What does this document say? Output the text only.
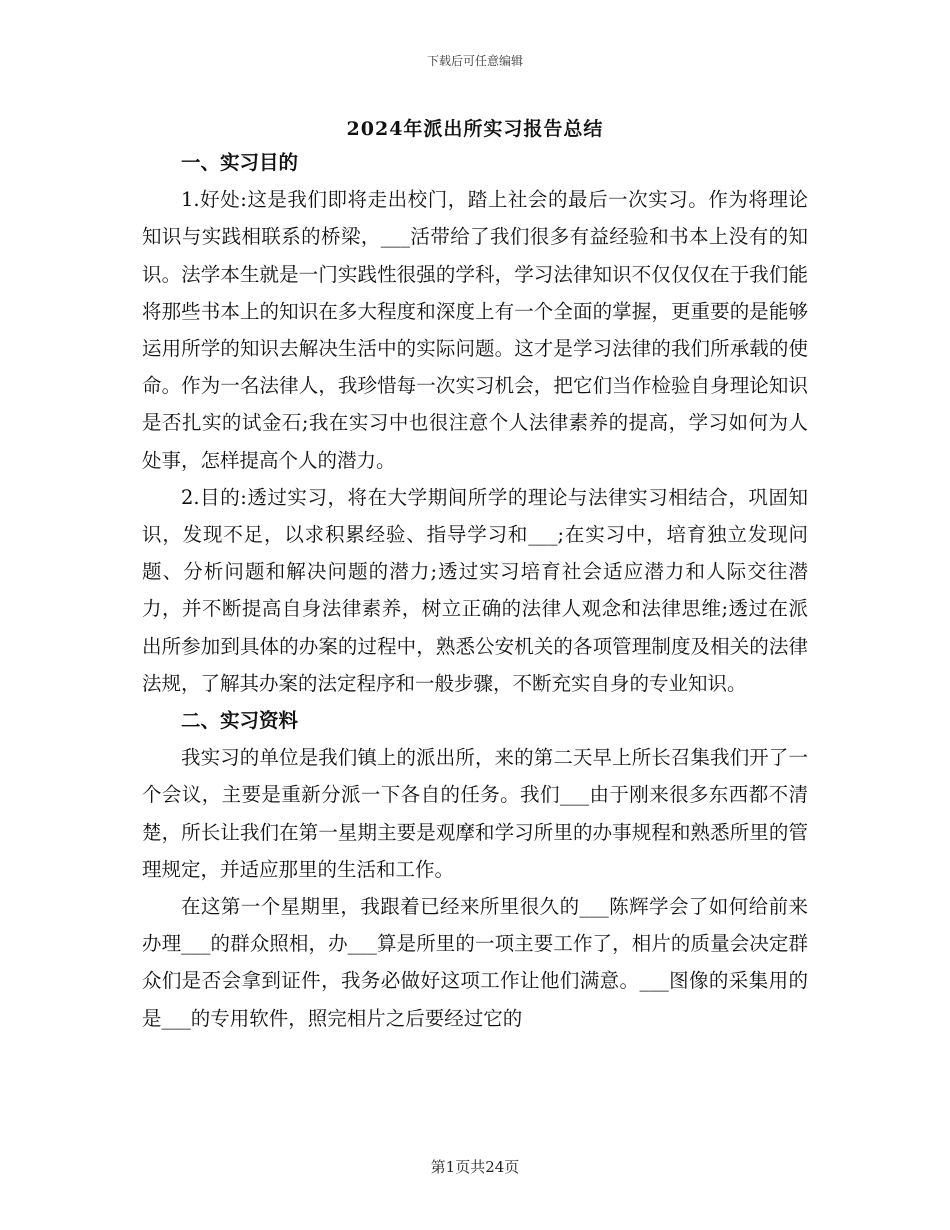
下载后可任意编辑
2024年派出所实习报告总结
一、实习目的

1.好处:这是我们即将走出校门，踏上社会的最后一次实习。作为将理论知识与实践相联系的桥梁，___活带给了我们很多有益经验和书本上没有的知识。法学本生就是一门实践性很强的学科，学习法律知识不仅仅仅在于我们能将那些书本上的知识在多大程度和深度上有一个全面的掌握，更重要的是能够运用所学的知识去解决生活中的实际问题。这才是学习法律的我们所承载的使命。作为一名法律人，我珍惜每一次实习机会，把它们当作检验自身理论知识是否扎实的试金石;我在实习中也很注意个人法律素养的提高，学习如何为人处事，怎样提高个人的潜力。

2.目的:透过实习，将在大学期间所学的理论与法律实习相结合，巩固知识，发现不足，以求积累经验、指导学习和___;在实习中，培育独立发现问题、分析问题和解决问题的潜力;透过实习培育社会适应潜力和人际交往潜力，并不断提高自身法律素养，树立正确的法律人观念和法律思维;透过在派出所参加到具体的办案的过程中，熟悉公安机关的各项管理制度及相关的法律法规，了解其办案的法定程序和一般步骤，不断充实自身的专业知识。

二、实习资料

我实习的单位是我们镇上的派出所，来的第二天早上所长召集我们开了一个会议，主要是重新分派一下各自的任务。我们___由于刚来很多东西都不清楚，所长让我们在第一星期主要是观摩和学习所里的办事规程和熟悉所里的管理规定，并适应那里的生活和工作。

在这第一个星期里，我跟着已经来所里很久的___陈辉学会了如何给前来办理___的群众照相，办___算是所里的一项主要工作了，相片的质量会决定群众们是否会拿到证件，我务必做好这项工作让他们满意。___图像的采集用的是___的专用软件，照完相片之后要经过它的

第1页共24页
